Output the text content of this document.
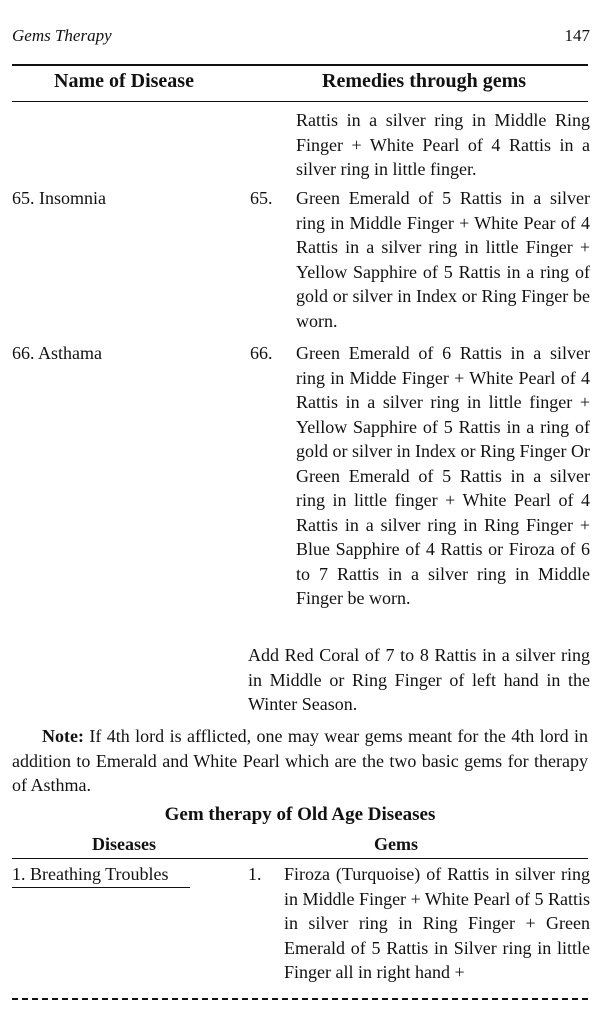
Gems Therapy	147
Name of Disease	Remedies through gems
Rattis in a silver ring in Middle Ring Finger + White Pearl of 4 Rattis in a silver ring in little finger.
65. Insomnia	65. Green Emerald of 5 Rattis in a silver ring in Middle Finger + White Pear of 4 Rattis in a silver ring in little Finger + Yellow Sapphire of 5 Rattis in a ring of gold or silver in Index or Ring Finger be worn.
66. Asthama	66. Green Emerald of 6 Rattis in a silver ring in Midde Finger + White Pearl of 4 Rattis in a silver ring in little finger + Yellow Sapphire of 5 Rattis in a ring of gold or silver in Index or Ring Finger Or Green Emerald of 5 Rattis in a silver ring in little finger + White Pearl of 4 Rattis in a silver ring in Ring Finger + Blue Sapphire of 4 Rattis or Firoza of 6 to 7 Rattis in a silver ring in Middle Finger be worn.
Add Red Coral of 7 to 8 Rattis in a silver ring in Middle or Ring Finger of left hand in the Winter Season.
Note: If 4th lord is afflicted, one may wear gems meant for the 4th lord in addition to Emerald and White Pearl which are the two basic gems for therapy of Asthma.
Gem therapy of Old Age Diseases
Diseases	Gems
1. Breathing Troubles	1. Firoza (Turquoise) of Rattis in silver ring in Middle Finger + White Pearl of 5 Rattis in silver ring in Ring Finger + Green Emerald of 5 Rattis in Silver ring in little Finger all in right hand +
